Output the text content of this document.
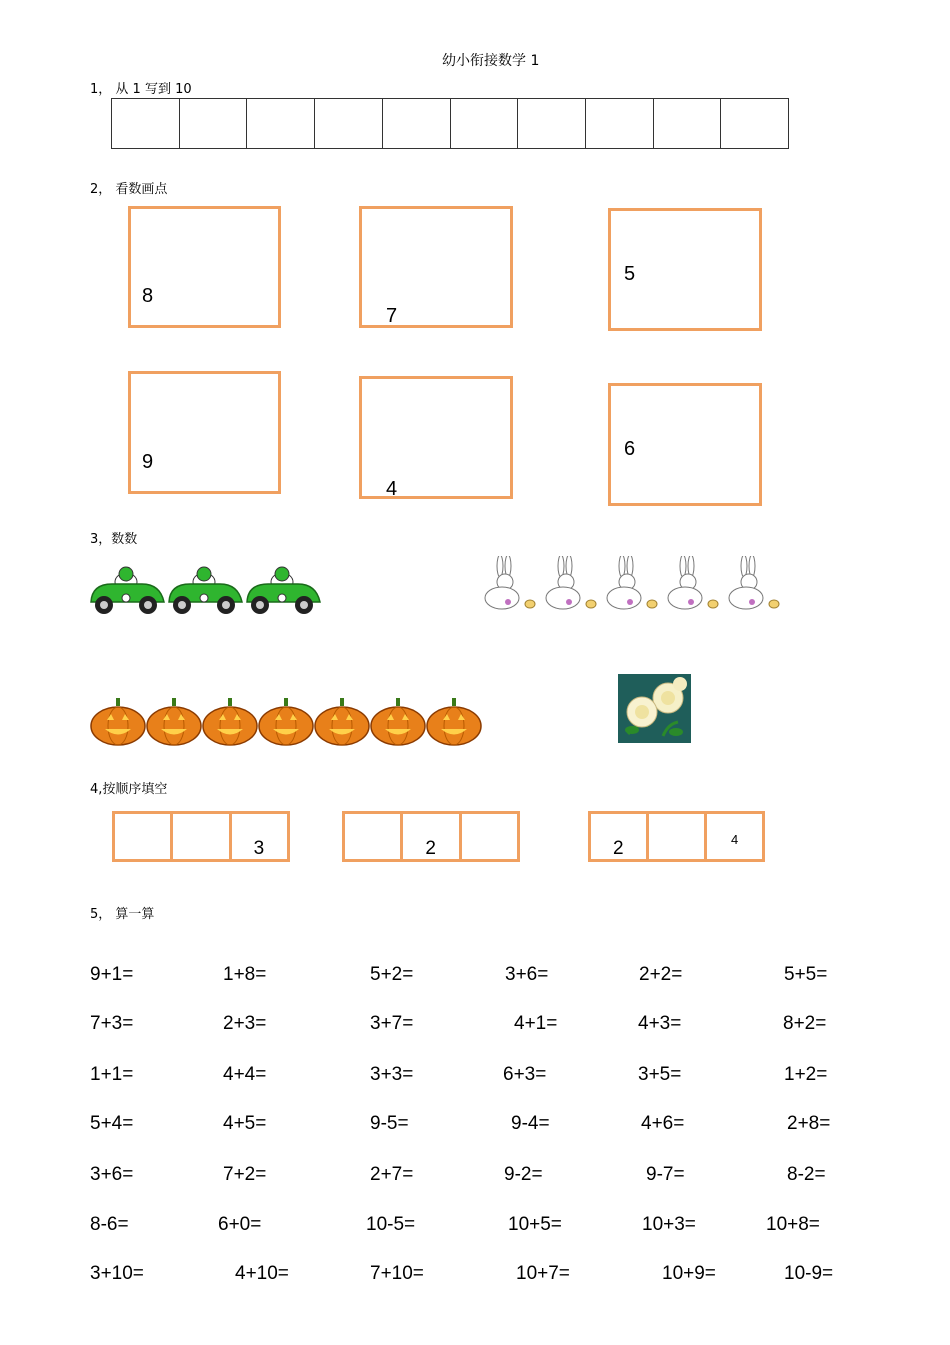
幼小衔接数学 1
1， 从 1 写到 10
2， 看数画点
8
7
5
9
4
6
3，数数
4,按顺序填空
3	2	2	4
5， 算一算
9+1=	1+8=	5+2=	3+6=	2+2=	5+5=
7+3=	2+3=	3+7=	4+1=	4+3=	8+2=
1+1=	4+4=	3+3=	6+3=	3+5=	1+2=
5+4=	4+5=	9-5=	9-4=	4+6=	2+8=
3+6=	7+2=	2+7=	9-2=	9-7=	8-2=
8-6=	6+0=	10-5=	10+5=	10+3=	10+8=
3+10=	4+10=	7+10=	10+7=	10+9=	10-9=
